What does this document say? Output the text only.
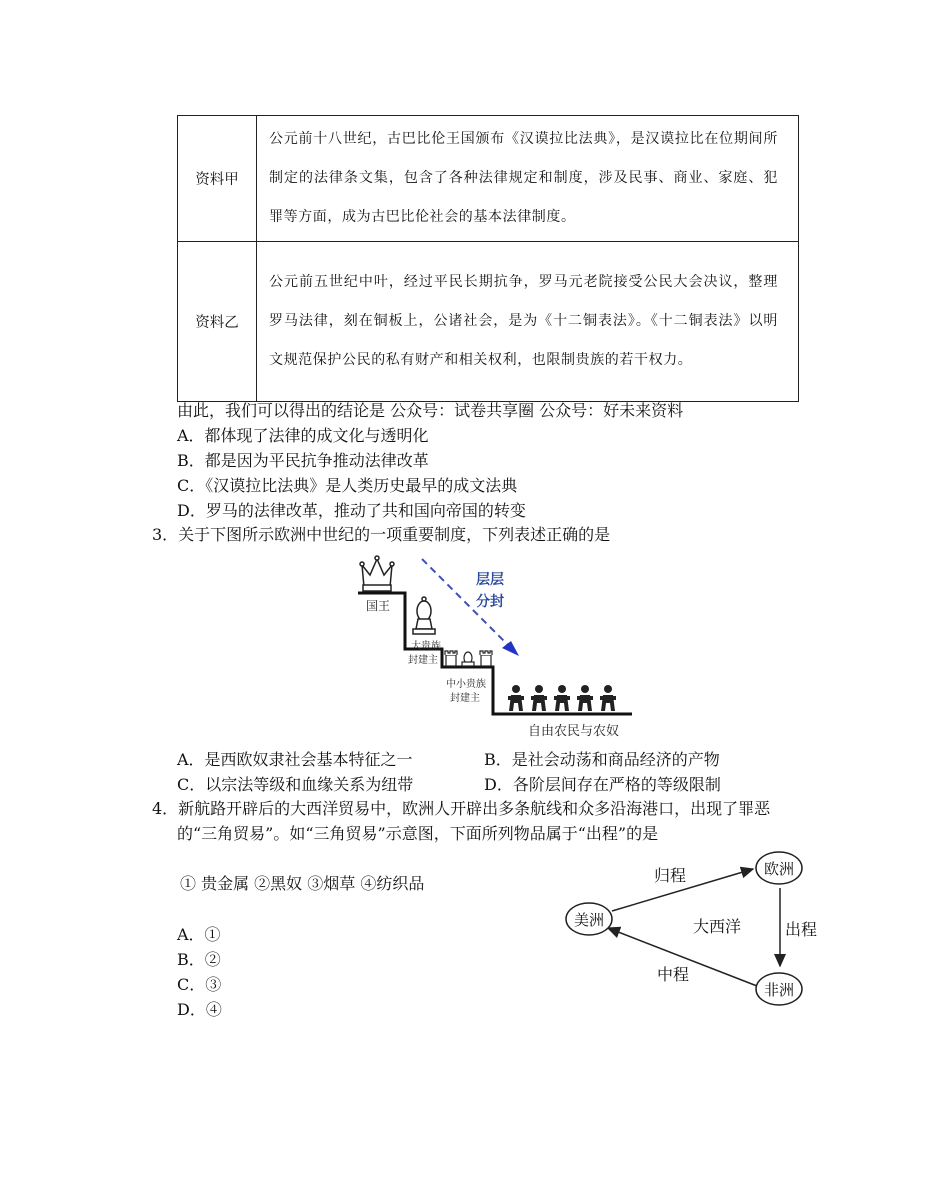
资料甲	公元前十八世纪，古巴比伦王国颁布《汉谟拉比法典》，是汉谟拉比在位期间所制定的法律条文集，包含了各种法律规定和制度，涉及民事、商业、家庭、犯罪等方面，成为古巴比伦社会的基本法律制度。
资料乙	公元前五世纪中叶，经过平民长期抗争，罗马元老院接受公民大会决议，整理罗马法律，刻在铜板上，公诸社会，是为《十二铜表法》。《十二铜表法》以明文规范保护公民的私有财产和相关权利，也限制贵族的若干权力。
由此，我们可以得出的结论是 公众号：试卷共享圈 公众号：好未来资料
A．都体现了法律的成文化与透明化
B．都是因为平民抗争推动法律改革
C．《汉谟拉比法典》是人类历史最早的成文法典
D．罗马的法律改革，推动了共和国向帝国的转变
3．关于下图所示欧洲中世纪的一项重要制度，下列表述正确的是
国王
大贵族
封建主
中小贵族
封建主
自由农民与农奴
层层
分封
A．是西欧奴隶社会基本特征之一	B．是社会动荡和商品经济的产物
C．以宗法等级和血缘关系为纽带	D．各阶层间存在严格的等级限制
4．新航路开辟后的大西洋贸易中，欧洲人开辟出多条航线和众多沿海港口，出现了罪恶
的“三角贸易”。如“三角贸易”示意图，下面所列物品属于“出程”的是
① 贵金属 ②黑奴 ③烟草 ④纺织品
A．①
B．②
C．③
D．④
欧洲
美洲
非洲
归程
大西洋	出程
中程
